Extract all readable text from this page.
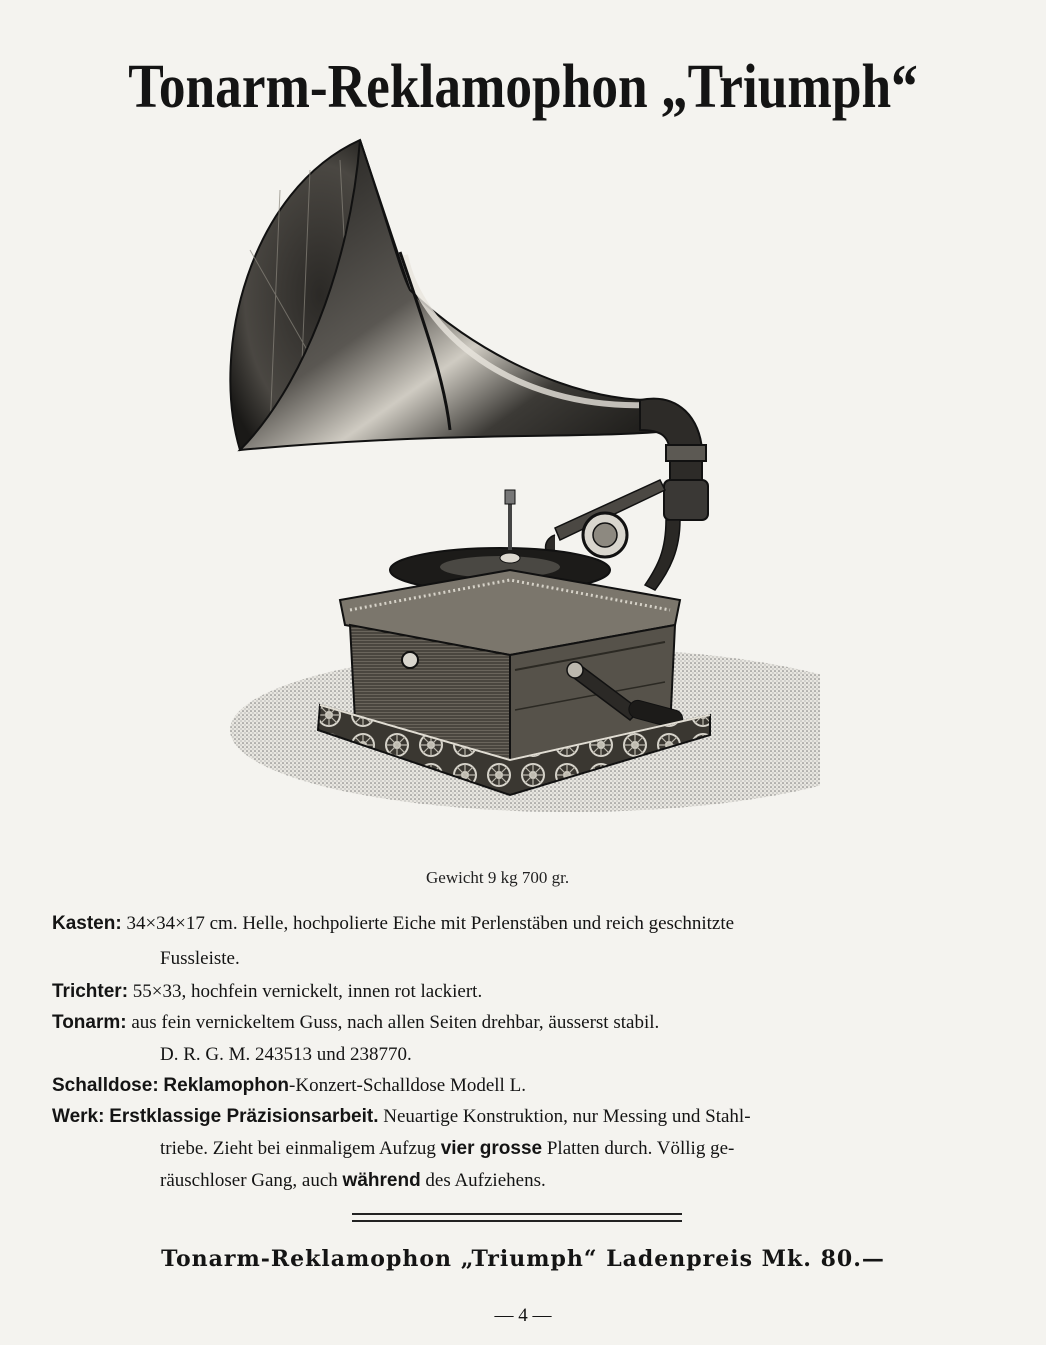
Tonarm-Reklamophon „Triumph“
Gewicht 9 kg 700 gr.
Kasten: 34×34×17 cm. Helle, hochpolierte Eiche mit Perlenstäben und reich geschnitzte
Fussleiste.
Trichter: 55×33, hochfein vernickelt, innen rot lackiert.
Tonarm: aus fein vernickeltem Guss, nach allen Seiten drehbar, äusserst stabil.
D. R. G. M. 243513 und 238770.
Schalldose: Reklamophon-Konzert-Schalldose Modell L.
Werk: Erstklassige Präzisionsarbeit. Neuartige Konstruktion, nur Messing und Stahl-
triebe. Zieht bei einmaligem Aufzug vier grosse Platten durch. Völlig ge-
räuschloser Gang, auch während des Aufziehens.
Tonarm-Reklamophon „Triumph“ Ladenpreis Mk. 80.—
— 4 —
